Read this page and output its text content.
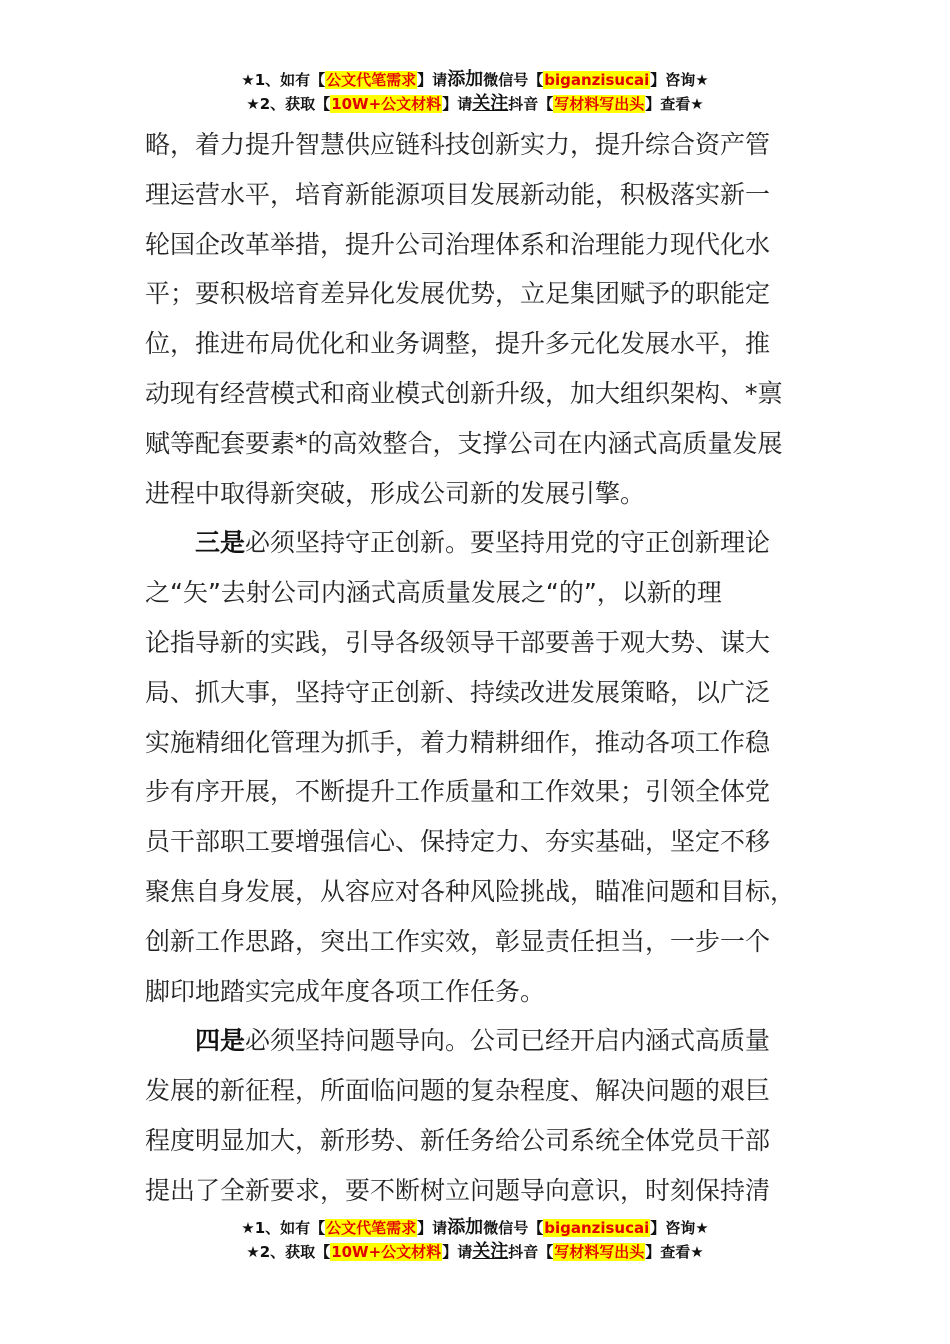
★1、如有【公文代笔需求】请添加微信号【biganzisucai】咨询★
★2、获取【10W+公文材料】请关注抖音【写材料写出头】查看★

略，着力提升智慧供应链科技创新实力，提升综合资产管

理运营水平，培育新能源项目发展新动能，积极落实新一

轮国企改革举措，提升公司治理体系和治理能力现代化水

平；要积极培育差异化发展优势，立足集团赋予的职能定

位，推进布局优化和业务调整，提升多元化发展水平，推

动现有经营模式和商业模式创新升级，加大组织架构、*禀

赋等配套要素*的高效整合，支撑公司在内涵式高质量发展

进程中取得新突破，形成公司新的发展引擎。

三是必须坚持守正创新。要坚持用党的守正创新理论

之“矢”去射公司内涵式高质量发展之“的”，以新的理

论指导新的实践，引导各级领导干部要善于观大势、谋大

局、抓大事，坚持守正创新、持续改进发展策略，以广泛

实施精细化管理为抓手，着力精耕细作，推动各项工作稳

步有序开展，不断提升工作质量和工作效果；引领全体党

员干部职工要增强信心、保持定力、夯实基础，坚定不移

聚焦自身发展，从容应对各种风险挑战，瞄准问题和目标，

创新工作思路，突出工作实效，彰显责任担当，一步一个

脚印地踏实完成年度各项工作任务。

四是必须坚持问题导向。公司已经开启内涵式高质量

发展的新征程，所面临问题的复杂程度、解决问题的艰巨

程度明显加大，新形势、新任务给公司系统全体党员干部

提出了全新要求，要不断树立问题导向意识，时刻保持清

★1、如有【公文代笔需求】请添加微信号【biganzisucai】咨询★
★2、获取【10W+公文材料】请关注抖音【写材料写出头】查看★
